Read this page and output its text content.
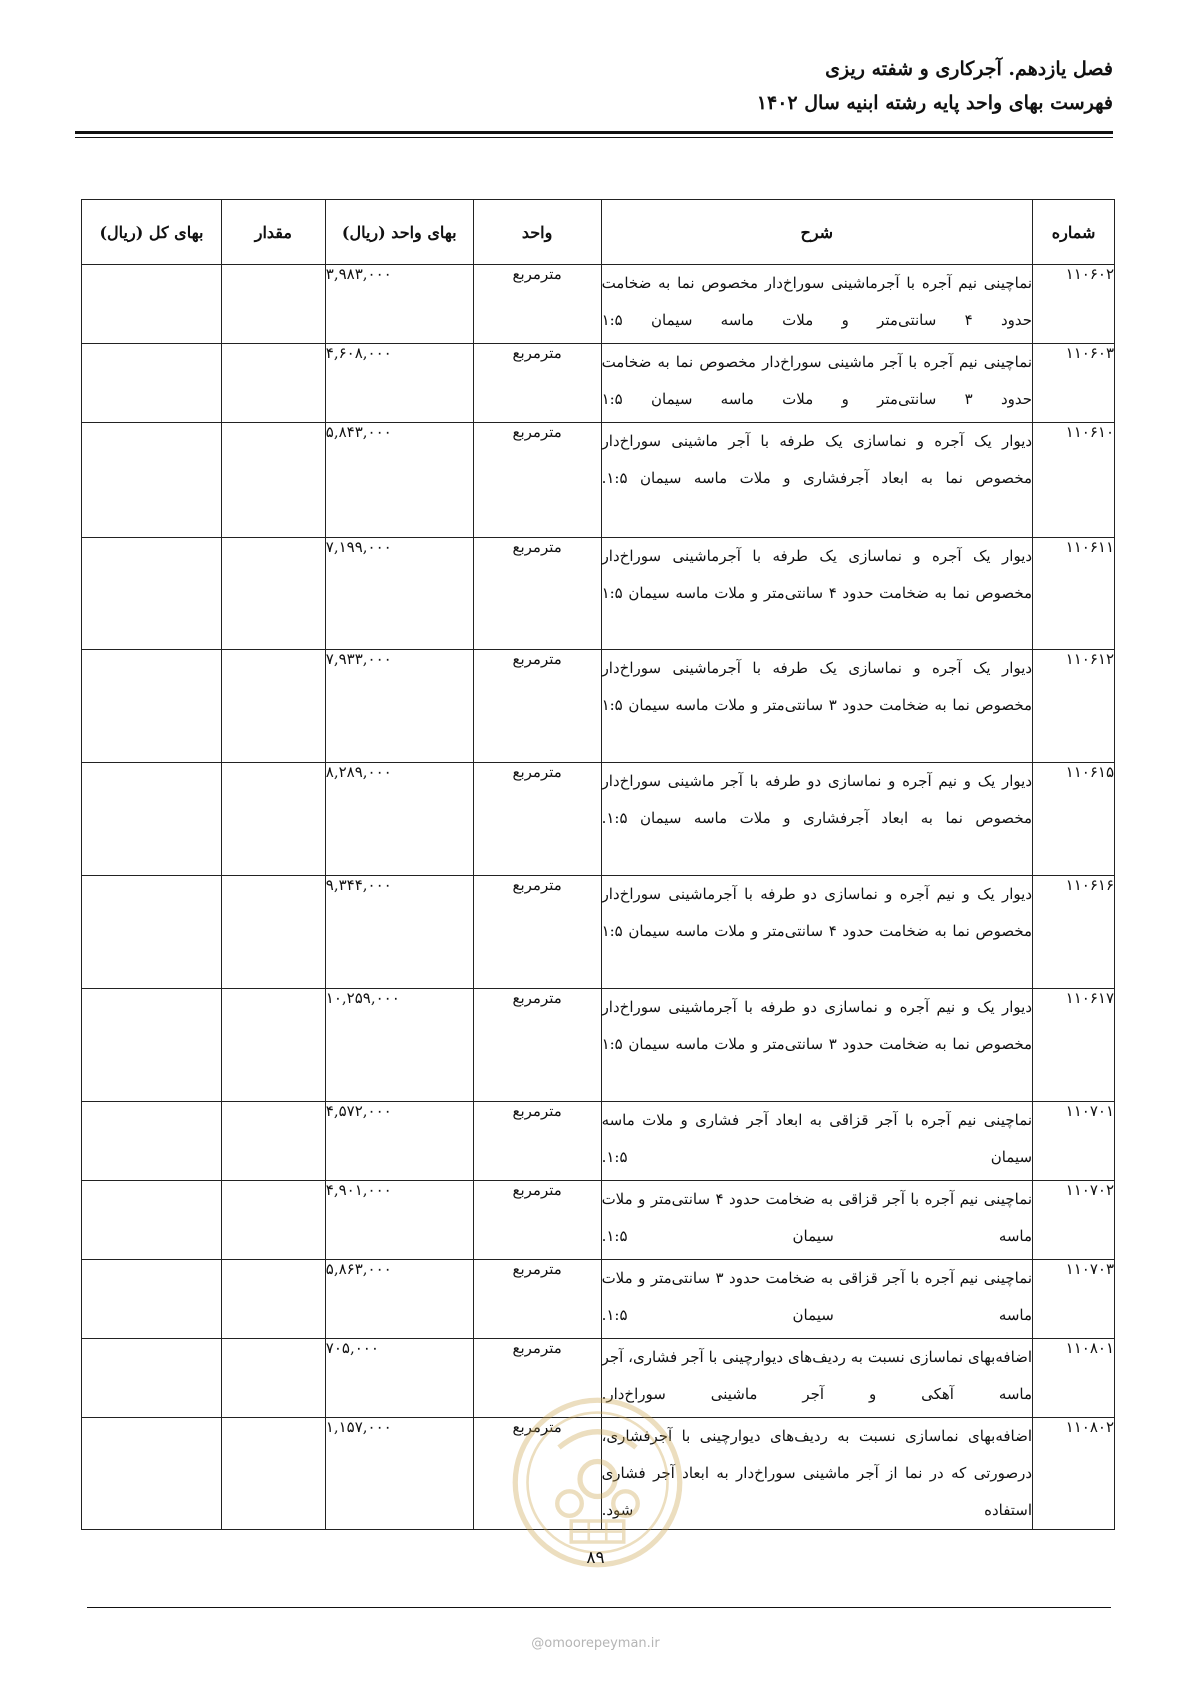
فصل یازدهم. آجرکاری و شفته ریزی
فهرست بهای واحد پایه رشته ابنیه سال ۱۴۰۲
شماره	شرح	واحد	بهای واحد (ریال)	مقدار	بهای کل (ریال)
۱۱۰۶۰۲	نماچینی نیم آجره با آجرماشینی سوراخ‌دار مخصوص نما به ضخامت حدود ۴ سانتی‌متر و ملات ماسه سیمان ۱:۵	مترمربع	۳,۹۸۳,۰۰۰		
۱۱۰۶۰۳	نماچینی نیم آجره با آجر ماشینی سوراخ‌دار مخصوص نما به ضخامت حدود ۳ سانتی‌متر و ملات ماسه سیمان ۱:۵	مترمربع	۴,۶۰۸,۰۰۰		
۱۱۰۶۱۰	دیوار یک آجره و نماسازی یک طرفه با آجر ماشینی سوراخ‌دار مخصوص نما به ابعاد آجرفشاری و ملات ماسه سیمان ۱:۵.	مترمربع	۵,۸۴۳,۰۰۰		
۱۱۰۶۱۱	دیوار یک آجره و نماسازی یک طرفه با آجرماشینی سوراخ‌دار مخصوص نما به ضخامت حدود ۴ سانتی‌متر و ملات ماسه سیمان ۱:۵	مترمربع	۷,۱۹۹,۰۰۰		
۱۱۰۶۱۲	دیوار یک آجره و نماسازی یک طرفه با آجرماشینی سوراخ‌دار مخصوص نما به ضخامت حدود ۳ سانتی‌متر و ملات ماسه سیمان ۱:۵	مترمربع	۷,۹۳۳,۰۰۰		
۱۱۰۶۱۵	دیوار یک و نیم آجره و نماسازی دو طرفه با آجر ماشینی سوراخ‌دار مخصوص نما به ابعاد آجرفشاری و ملات ماسه سیمان ۱:۵.	مترمربع	۸,۲۸۹,۰۰۰		
۱۱۰۶۱۶	دیوار یک و نیم آجره و نماسازی دو طرفه با آجرماشینی سوراخ‌دار مخصوص نما به ضخامت حدود ۴ سانتی‌متر و ملات ماسه سیمان ۱:۵	مترمربع	۹,۳۴۴,۰۰۰		
۱۱۰۶۱۷	دیوار یک و نیم آجره و نماسازی دو طرفه با آجرماشینی سوراخ‌دار مخصوص نما به ضخامت حدود ۳ سانتی‌متر و ملات ماسه سیمان ۱:۵	مترمربع	۱۰,۲۵۹,۰۰۰		
۱۱۰۷۰۱	نماچینی نیم آجره با آجر قزاقی به ابعاد آجر فشاری و ملات ماسه سیمان ۱:۵.	مترمربع	۴,۵۷۲,۰۰۰		
۱۱۰۷۰۲	نماچینی نیم آجره با آجر قزاقی به ضخامت حدود ۴ سانتی‌متر و ملات ماسه سیمان ۱:۵.	مترمربع	۴,۹۰۱,۰۰۰		
۱۱۰۷۰۳	نماچینی نیم آجره با آجر قزاقی به ضخامت حدود ۳ سانتی‌متر و ملات ماسه سیمان ۱:۵.	مترمربع	۵,۸۶۳,۰۰۰		
۱۱۰۸۰۱	اضافه‌بهای نماسازی نسبت به ردیف‌های دیوارچینی با آجر فشاری، آجر ماسه آهکی و آجر ماشینی سوراخ‌دار.	مترمربع	۷۰۵,۰۰۰		
۱۱۰۸۰۲	اضافه‌بهای نماسازی نسبت به ردیف‌های دیوارچینی با آجرفشاری، درصورتی که در نما از آجر ماشینی سوراخ‌دار به ابعاد آجر فشاری استفاده شود.	مترمربع	۱,۱۵۷,۰۰۰		
۸۹
@omoorepeyman.ir
